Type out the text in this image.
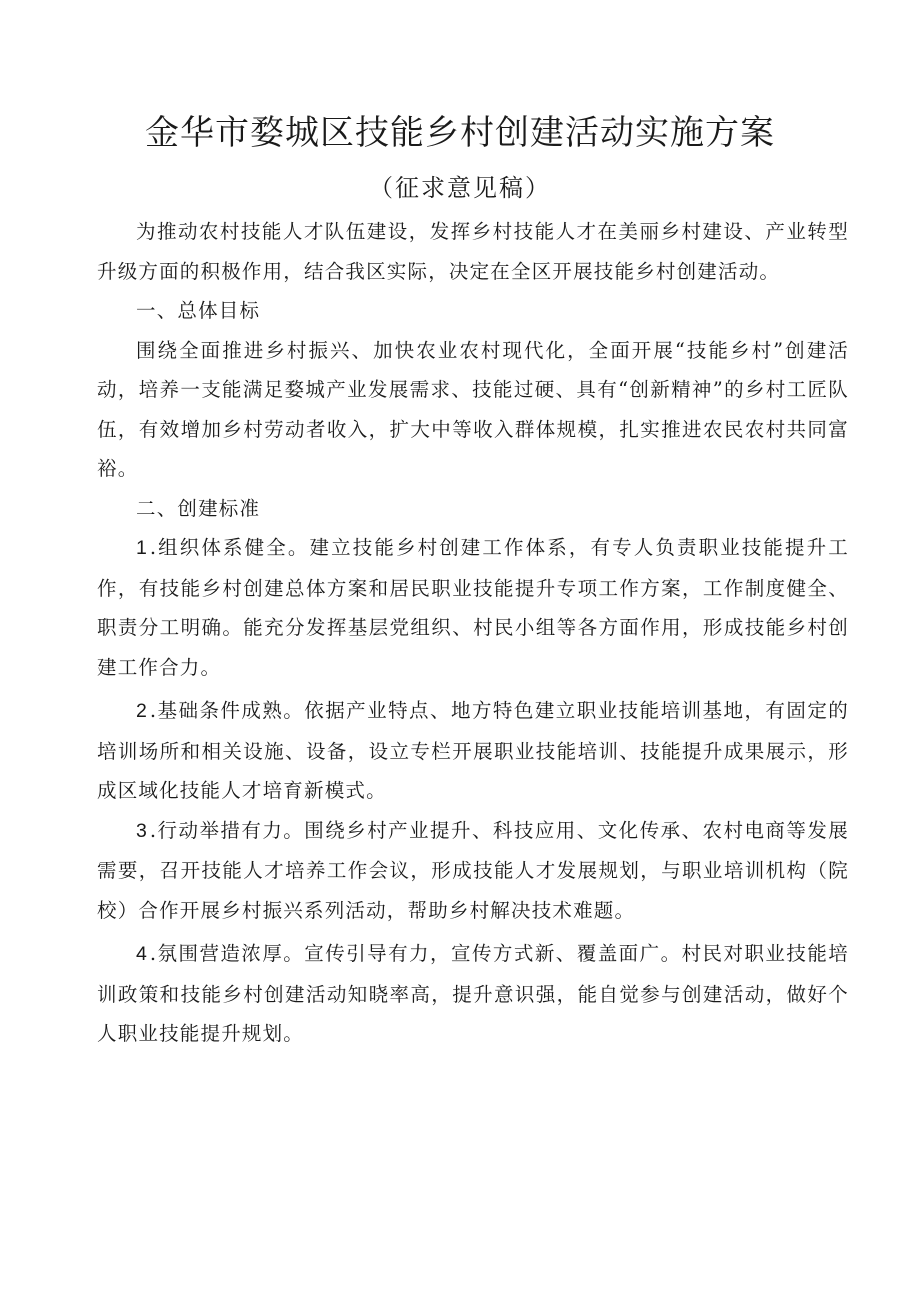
金华市婺城区技能乡村创建活动实施方案
（征求意见稿）

为推动农村技能人才队伍建设，发挥乡村技能人才在美丽乡村建设、产业转型升级方面的积极作用，结合我区实际，决定在全区开展技能乡村创建活动。

一、总体目标

围绕全面推进乡村振兴、加快农业农村现代化，全面开展“技能乡村”创建活动，培养一支能满足婺城产业发展需求、技能过硬、具有“创新精神”的乡村工匠队伍，有效增加乡村劳动者收入，扩大中等收入群体规模，扎实推进农民农村共同富裕。

二、创建标准

1.组织体系健全。建立技能乡村创建工作体系，有专人负责职业技能提升工作，有技能乡村创建总体方案和居民职业技能提升专项工作方案，工作制度健全、职责分工明确。能充分发挥基层党组织、村民小组等各方面作用，形成技能乡村创建工作合力。

2.基础条件成熟。依据产业特点、地方特色建立职业技能培训基地，有固定的培训场所和相关设施、设备，设立专栏开展职业技能培训、技能提升成果展示，形成区域化技能人才培育新模式。

3.行动举措有力。围绕乡村产业提升、科技应用、文化传承、农村电商等发展需要，召开技能人才培养工作会议，形成技能人才发展规划，与职业培训机构（院校）合作开展乡村振兴系列活动，帮助乡村解决技术难题。

4.氛围营造浓厚。宣传引导有力，宣传方式新、覆盖面广。村民对职业技能培训政策和技能乡村创建活动知晓率高，提升意识强，能自觉参与创建活动，做好个人职业技能提升规划。
